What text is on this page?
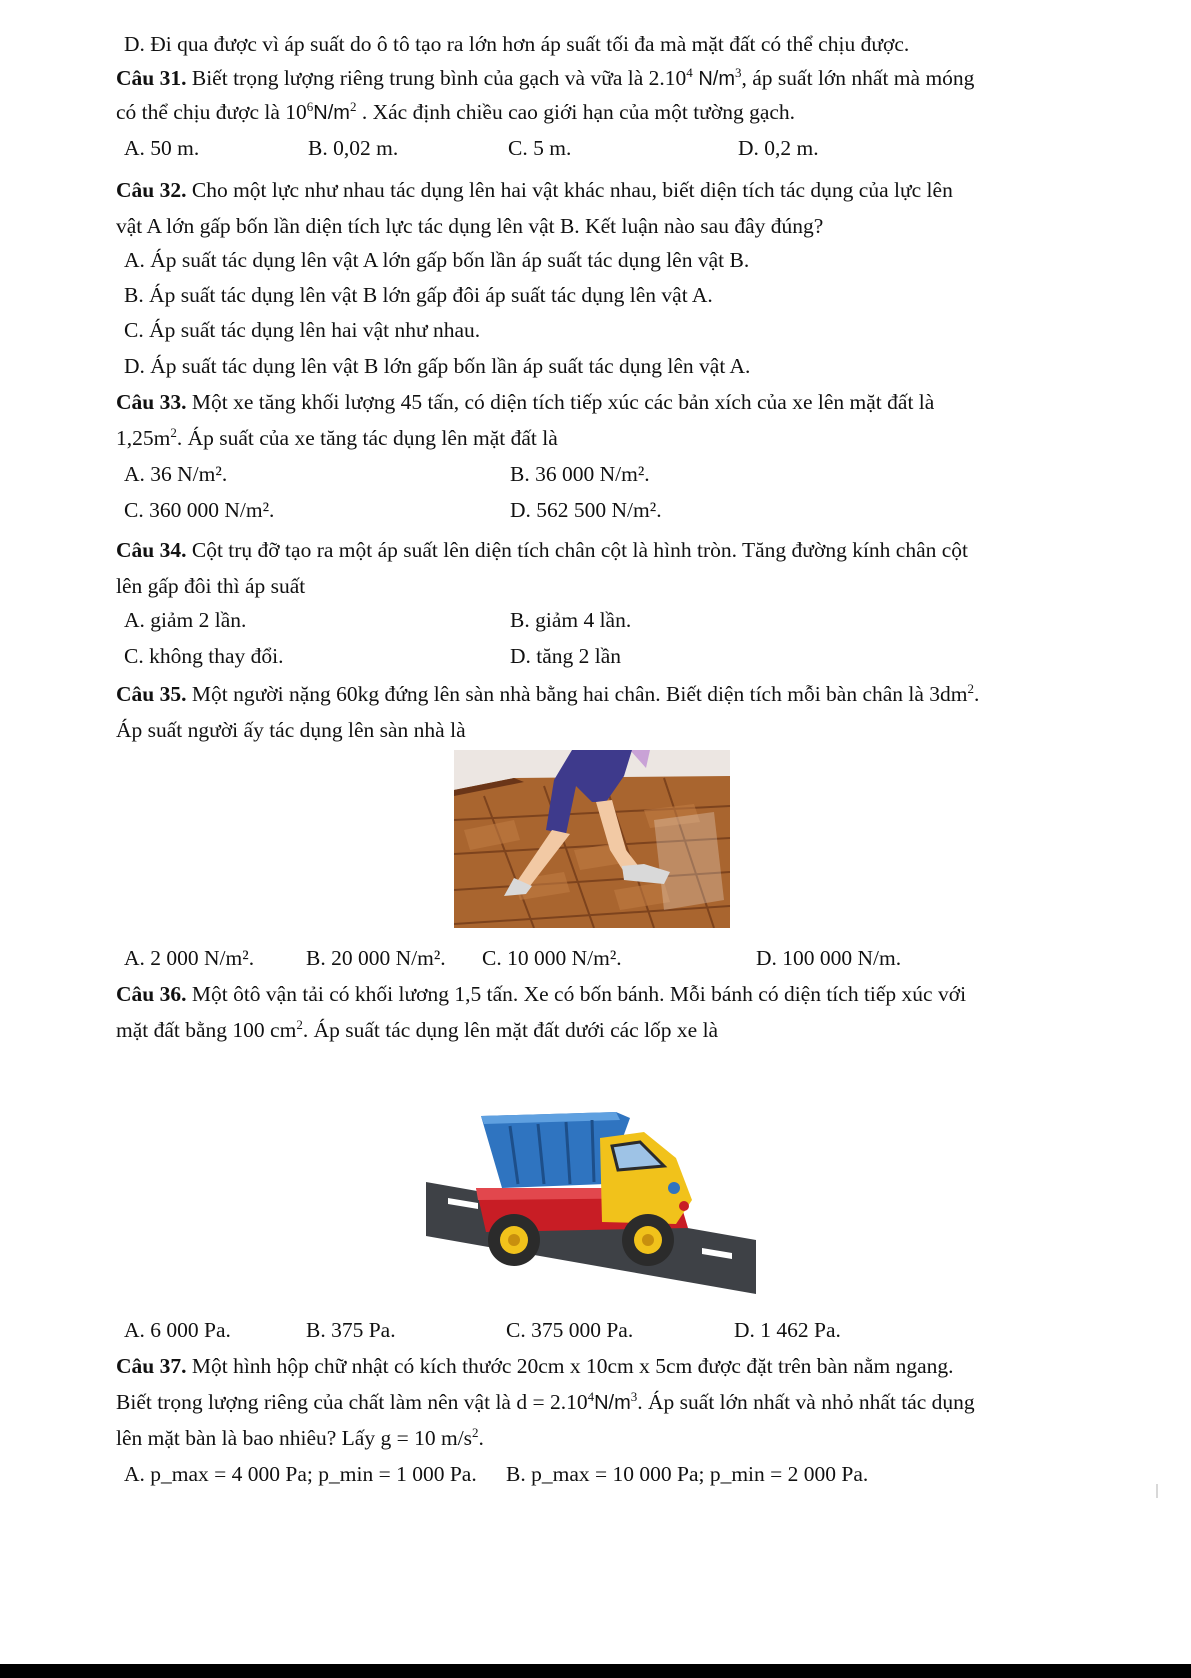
D. Đi qua được vì áp suất do ô tô tạo ra lớn hơn áp suất tối đa mà mặt đất có thể chịu được.
Câu 31. Biết trọng lượng riêng trung bình của gạch và vữa là 2.10$^4$ $N/m^3$, áp suất lớn nhất mà móng
có thể chịu được là $10^6N/m^2$ . Xác định chiều cao giới hạn của một tường gạch.
A. 50 m.	B. 0,02 m.	C. 5 m.	D. 0,2 m.
Câu 32. Cho một lực như nhau tác dụng lên hai vật khác nhau, biết diện tích tác dụng của lực lên
vật A lớn gấp bốn lần diện tích lực tác dụng lên vật B. Kết luận nào sau đây đúng?
A. Áp suất tác dụng lên vật A lớn gấp bốn lần áp suất tác dụng lên vật B.
B. Áp suất tác dụng lên vật B lớn gấp đôi áp suất tác dụng lên vật A.
C. Áp suất tác dụng lên hai vật như nhau.
D. Áp suất tác dụng lên vật B lớn gấp bốn lần áp suất tác dụng lên vật A.
Câu 33. Một xe tăng khối lượng 45 tấn, có diện tích tiếp xúc các bản xích của xe lên mặt đất là
$1,25m^2$. Áp suất của xe tăng tác dụng lên mặt đất là
A. 36 N/m².	B. 36 000 N/m².
C. 360 000 N/m².	D. 562 500 N/m².
Câu 34. Cột trụ đỡ tạo ra một áp suất lên diện tích chân cột là hình tròn. Tăng đường kính chân cột
lên gấp đôi thì áp suất
A. giảm 2 lần.	B. giảm 4 lần.
C. không thay đổi.	D. tăng 2 lần
Câu 35. Một người nặng 60kg đứng lên sàn nhà bằng hai chân. Biết diện tích mỗi bàn chân là $3dm^2$.
Áp suất người ấy tác dụng lên sàn nhà là
A. 2 000 N/m². B. 20 000 N/m². C. 10 000 N/m².	D. 100 000 N/m.
Câu 36. Một ôtô vận tải có khối lương 1,5 tấn. Xe có bốn bánh. Mỗi bánh có diện tích tiếp xúc với
mặt đất bằng 100 $cm^2$. Áp suất tác dụng lên mặt đất dưới các lốp xe là
A. 6 000 Pa.	B. 375 Pa.	C. 375 000 Pa.	D. 1 462 Pa.
Câu 37. Một hình hộp chữ nhật có kích thước 20cm x 10cm x 5cm được đặt trên bàn nằm ngang.
Biết trọng lượng riêng của chất làm nên vật là $d = 2.10^4N/m^3$. Áp suất lớn nhất và nhỏ nhất tác dụng
lên mặt bàn là bao nhiêu? Lấy g = 10 $m/s^2$.
A. p_max = 4 000 Pa; p_min = 1 000 Pa. B. p_max = 10 000 Pa; p_min = 2 000 Pa.
